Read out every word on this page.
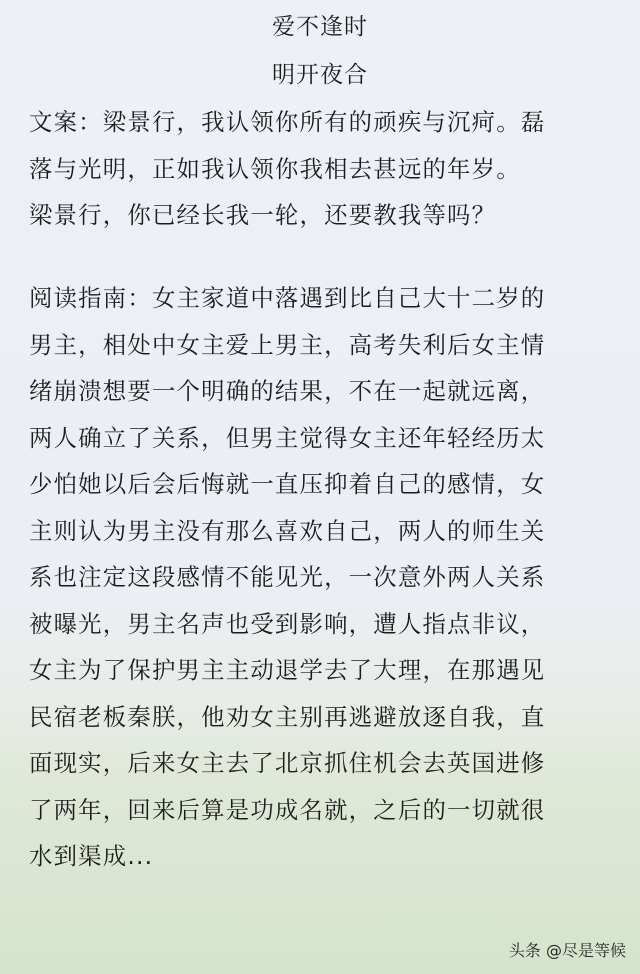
爱不逢时
明开夜合
文案：梁景行，我认领你所有的顽疾与沉疴。磊
落与光明，正如我认领你我相去甚远的年岁。
梁景行，你已经长我一轮，还要教我等吗？
阅读指南：女主家道中落遇到比自己大十二岁的
男主，相处中女主爱上男主，高考失利后女主情
绪崩溃想要一个明确的结果，不在一起就远离，
两人确立了关系，但男主觉得女主还年轻经历太
少怕她以后会后悔就一直压抑着自己的感情，女
主则认为男主没有那么喜欢自己，两人的师生关
系也注定这段感情不能见光，一次意外两人关系
被曝光，男主名声也受到影响，遭人指点非议，
女主为了保护男主主动退学去了大理，在那遇见
民宿老板秦朕，他劝女主别再逃避放逐自我，直
面现实，后来女主去了北京抓住机会去英国进修
了两年，回来后算是功成名就，之后的一切就很
水到渠成...
头条 @尽是等候
